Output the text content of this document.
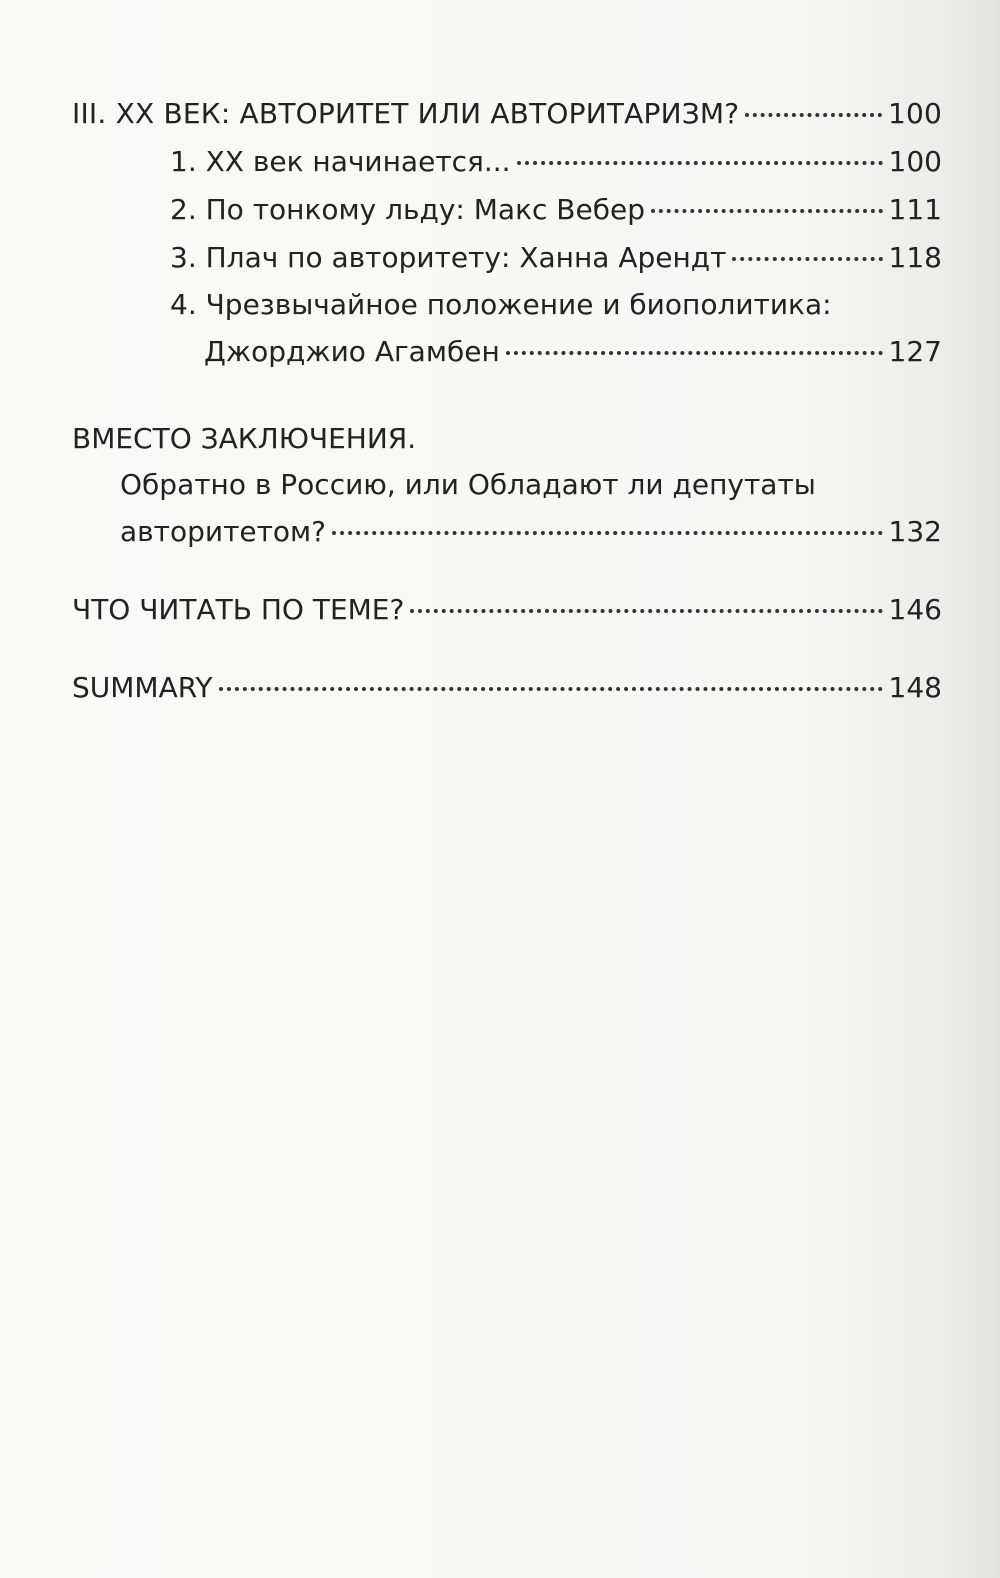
III. XX ВЕК: АВТОРИТЕТ ИЛИ АВТОРИТАРИЗМ?	100
1. XX век начинается...	100
2. По тонкому льду: Макс Вебер	111
3. Плач по авторитету: Ханна Арендт	118
4. Чрезвычайное положение и биополитика:
Джорджио Агамбен	127
ВМЕСТО ЗАКЛЮЧЕНИЯ.
Обратно в Россию, или Обладают ли депутаты
авторитетом?	132
ЧТО ЧИТАТЬ ПО ТЕМЕ?	146
SUMMARY	148
